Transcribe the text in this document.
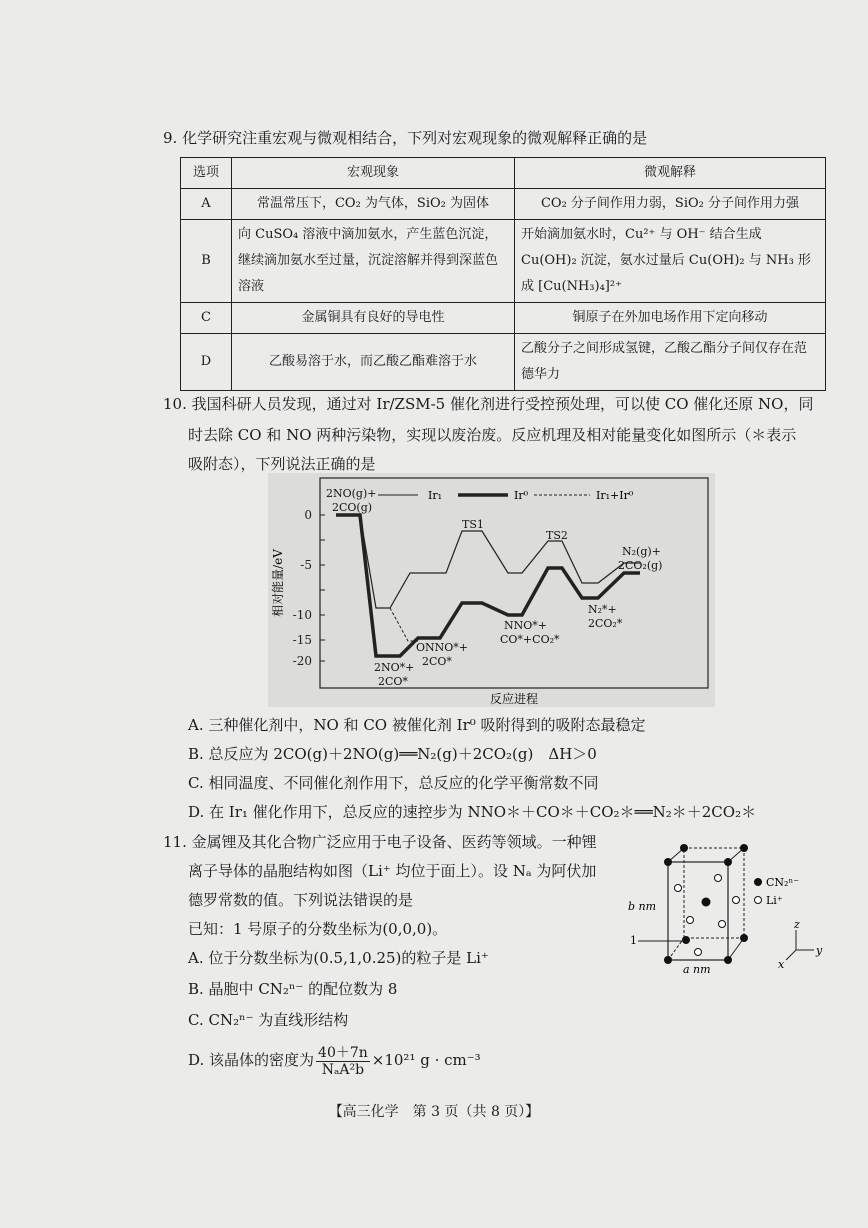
9. 化学研究注重宏观与微观相结合，下列对宏观现象的微观解释正确的是
选项	宏观现象	微观解释
A	常温常压下，CO₂ 为气体，SiO₂ 为固体	CO₂ 分子间作用力弱，SiO₂ 分子间作用力强
B	向 CuSO₄ 溶液中滴加氨水，产生蓝色沉淀，继续滴加氨水至过量，沉淀溶解并得到深蓝色溶液	开始滴加氨水时，Cu²⁺ 与 OH⁻ 结合生成 Cu(OH)₂ 沉淀，氨水过量后 Cu(OH)₂ 与 NH₃ 形成 [Cu(NH₃)₄]²⁺
C	金属铜具有良好的导电性	铜原子在外加电场作用下定向移动
D	乙酸易溶于水，而乙酸乙酯难溶于水	乙酸分子之间形成氢键，乙酸乙酯分子间仅存在范德华力
10. 我国科研人员发现，通过对 Ir/ZSM-5 催化剂进行受控预处理，可以使 CO 催化还原 NO，同
时去除 CO 和 NO 两种污染物，实现以废治废。反应机理及相对能量变化如图所示（＊表示
吸附态），下列说法正确的是
0
-5
-10
-15
-20
相对能量/eV
反应进程
Ir₁	Ir⁰	Ir₁+Ir⁰
2NO(g)+
2CO(g)
TS1
TS2
2NO*+
2CO*
ONNO*+
2CO*
NNO*+
CO*+CO₂*
N₂*+
2CO₂*
N₂(g)+
2CO₂(g)
A. 三种催化剂中，NO 和 CO 被催化剂 Ir⁰ 吸附得到的吸附态最稳定
B. 总反应为 2CO(g)＋2NO(g)══N₂(g)＋2CO₂(g)　ΔH＞0
C. 相同温度、不同催化剂作用下，总反应的化学平衡常数不同
D. 在 Ir₁ 催化作用下，总反应的速控步为 NNO＊＋CO＊＋CO₂＊══N₂＊＋2CO₂＊
11. 金属锂及其化合物广泛应用于电子设备、医药等领域。一种锂
离子导体的晶胞结构如图（Li⁺ 均位于面上）。设 Nₐ 为阿伏加
德罗常数的值。下列说法错误的是
已知：1 号原子的分数坐标为(0,0,0)。
A. 位于分数坐标为(0.5,1,0.25)的粒子是 Li⁺
B. 晶胞中 CN₂ⁿ⁻ 的配位数为 8
C. CN₂ⁿ⁻ 为直线形结构
D. 该晶体的密度为 $\frac{40+7n}{\text{NₐA²b}} \times 10^{21}$ g · cm⁻³
b nm
a nm
1
CN₂ⁿ⁻
Li⁺
z
y
x
【高三化学　第 3 页（共 8 页）】
